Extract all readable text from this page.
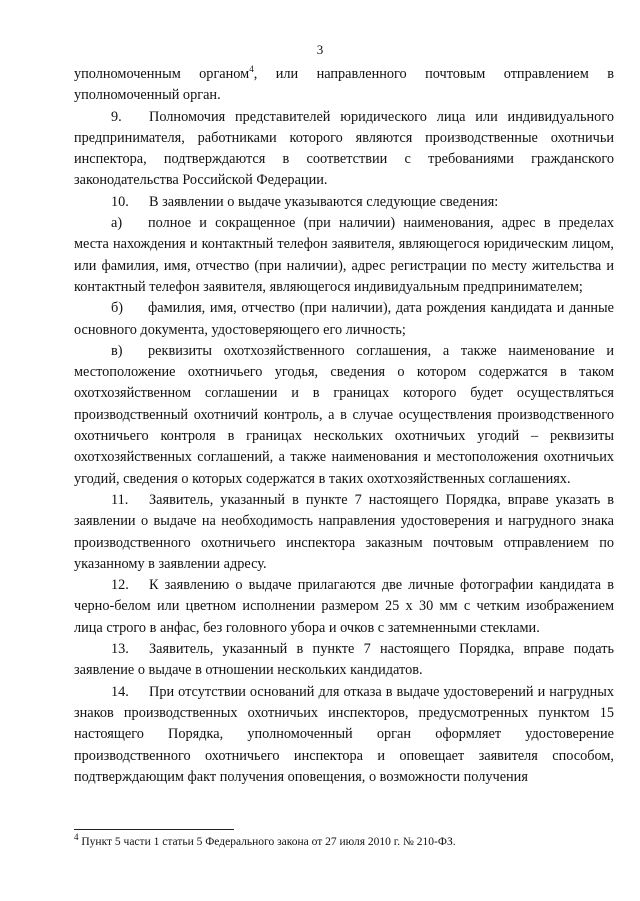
3

уполномоченным органом$^4$, или направленного почтовым отправлением в уполномоченный орган.

9. Полномочия представителей юридического лица или индивидуального предпринимателя, работниками которого являются производственные охотничьи инспектора, подтверждаются в соответствии с требованиями гражданского законодательства Российской Федерации.

10. В заявлении о выдаче указываются следующие сведения:

а) полное и сокращенное (при наличии) наименования, адрес в пределах места нахождения и контактный телефон заявителя, являющегося юридическим лицом, или фамилия, имя, отчество (при наличии), адрес регистрации по месту жительства и контактный телефон заявителя, являющегося индивидуальным предпринимателем;

б) фамилия, имя, отчество (при наличии), дата рождения кандидата и данные основного документа, удостоверяющего его личность;

в) реквизиты охотхозяйственного соглашения, а также наименование и местоположение охотничьего угодья, сведения о котором содержатся в таком охотхозяйственном соглашении и в границах которого будет осуществляться производственный охотничий контроль, а в случае осуществления производственного охотничьего контроля в границах нескольких охотничьих угодий – реквизиты охотхозяйственных соглашений, а также наименования и местоположения охотничьих угодий, сведения о которых содержатся в таких охотхозяйственных соглашениях.

11. Заявитель, указанный в пункте 7 настоящего Порядка, вправе указать в заявлении о выдаче на необходимость направления удостоверения и нагрудного знака производственного охотничьего инспектора заказным почтовым отправлением по указанному в заявлении адресу.

12. К заявлению о выдаче прилагаются две личные фотографии кандидата в черно-белом или цветном исполнении размером 25 х 30 мм с четким изображением лица строго в анфас, без головного убора и очков с затемненными стеклами.

13. Заявитель, указанный в пункте 7 настоящего Порядка, вправе подать заявление о выдаче в отношении нескольких кандидатов.

14. При отсутствии оснований для отказа в выдаче удостоверений и нагрудных знаков производственных охотничьих инспекторов, предусмотренных пунктом 15 настоящего Порядка, уполномоченный орган оформляет удостоверение производственного охотничьего инспектора и оповещает заявителя способом, подтверждающим факт получения оповещения, о возможности получения

$^4$ Пункт 5 части 1 статьи 5 Федерального закона от 27 июля 2010 г. № 210-ФЗ.
